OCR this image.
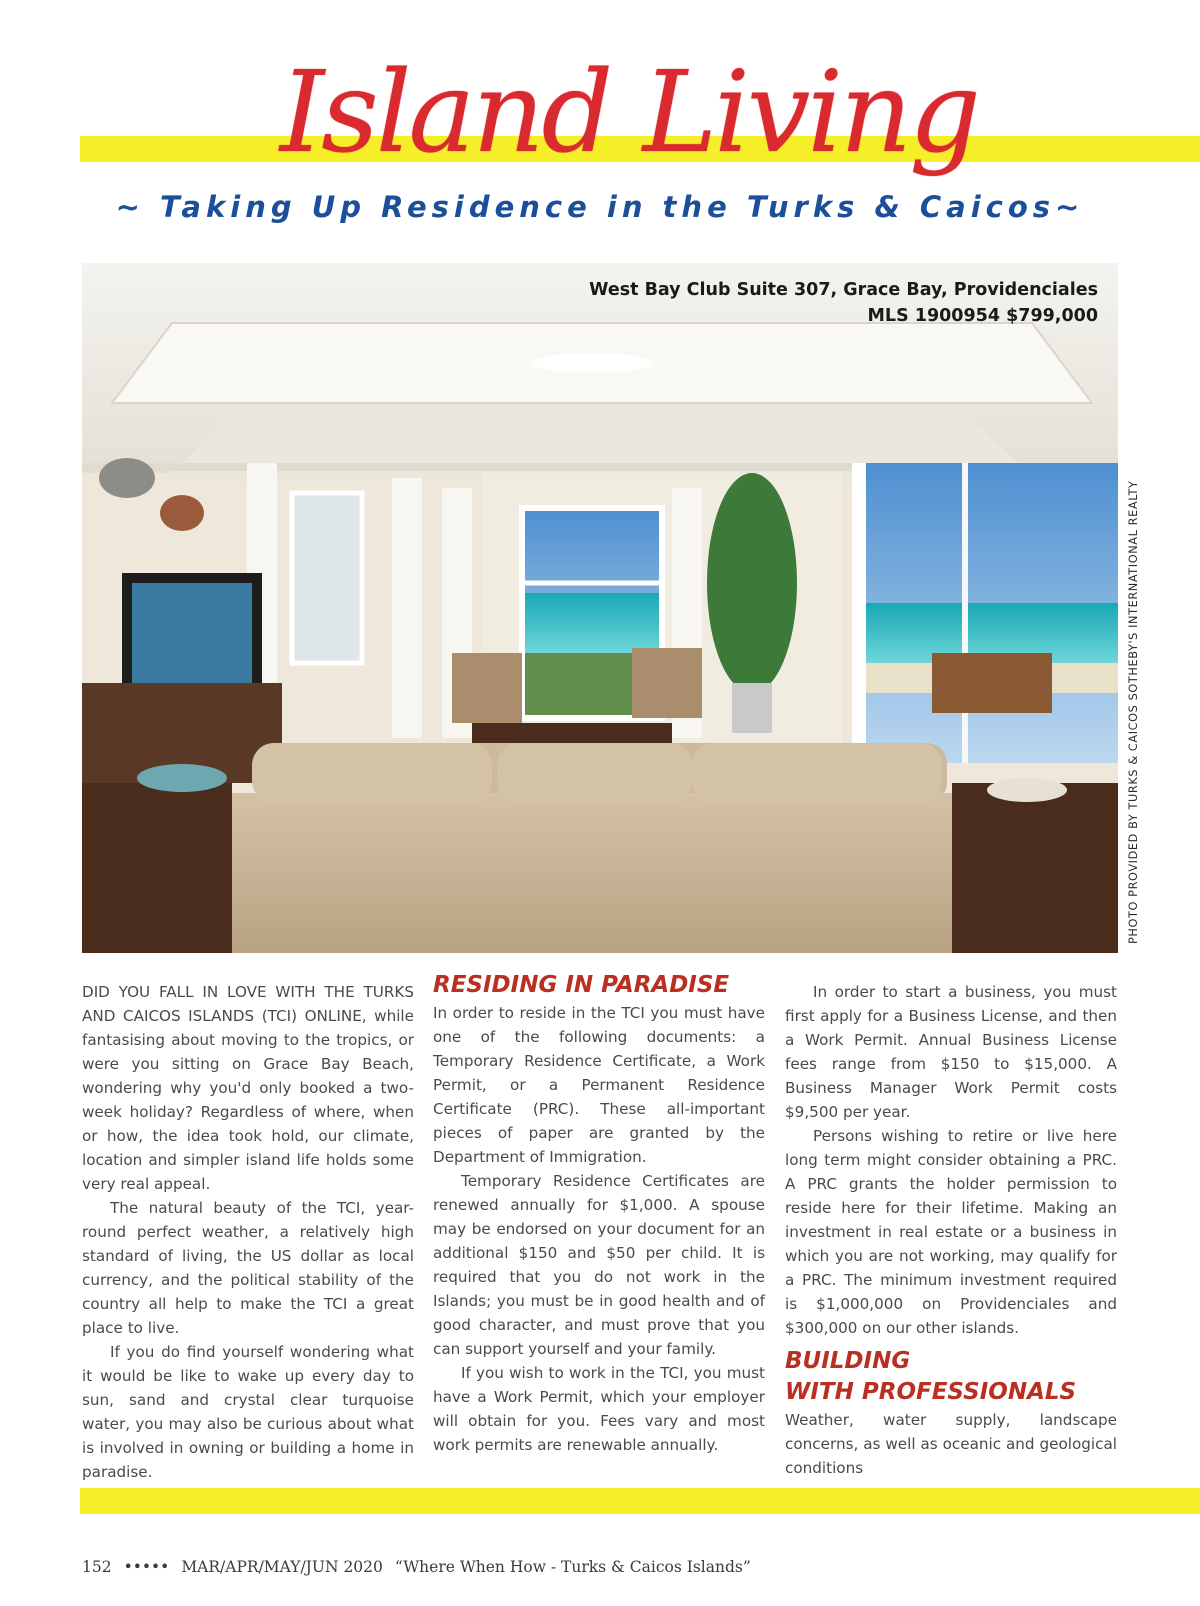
Island Living
~ Taking Up Residence in the Turks & Caicos~
West Bay Club Suite 307, Grace Bay, Providenciales
MLS 1900954 $799,000
PHOTO PROVIDED BY TURKS & CAICOS SOTHEBY'S INTERNATIONAL REALTY

DID YOU FALL IN LOVE WITH THE TURKS AND CAICOS ISLANDS (TCI) ONLINE, while fantasising about moving to the tropics, or were you sitting on Grace Bay Beach, wondering why you'd only booked a two-week holiday? Regardless of where, when or how, the idea took hold, our climate, location and simpler island life holds some very real appeal.

The natural beauty of the TCI, year-round perfect weather, a relatively high standard of living, the US dollar as local currency, and the political stability of the country all help to make the TCI a great place to live.

If you do find yourself wondering what it would be like to wake up every day to sun, sand and crystal clear turquoise water, you may also be curious about what is involved in owning or building a home in paradise.

RESIDING IN PARADISE

In order to reside in the TCI you must have one of the following documents: a Temporary Residence Certificate, a Work Permit, or a Permanent Residence Certificate (PRC). These all-important pieces of paper are granted by the Department of Immigration.

Temporary Residence Certificates are renewed annually for $1,000. A spouse may be endorsed on your document for an additional $150 and $50 per child. It is required that you do not work in the Islands; you must be in good health and of good character, and must prove that you can support yourself and your family.

If you wish to work in the TCI, you must have a Work Permit, which your employer will obtain for you. Fees vary and most work permits are renewable annually.

In order to start a business, you must first apply for a Business License, and then a Work Permit. Annual Business License fees range from $150 to $15,000. A Business Manager Work Permit costs $9,500 per year.

Persons wishing to retire or live here long term might consider obtaining a PRC. A PRC grants the holder permission to reside here for their lifetime. Making an investment in real estate or a business in which you are not working, may qualify for a PRC. The minimum investment required is $1,000,000 on Providenciales and $300,000 on our other islands.

BUILDING
WITH PROFESSIONALS

Weather, water supply, landscape concerns, as well as oceanic and geological conditions

152 ••••• MAR/APR/MAY/JUN 2020 “Where When How - Turks & Caicos Islands”
